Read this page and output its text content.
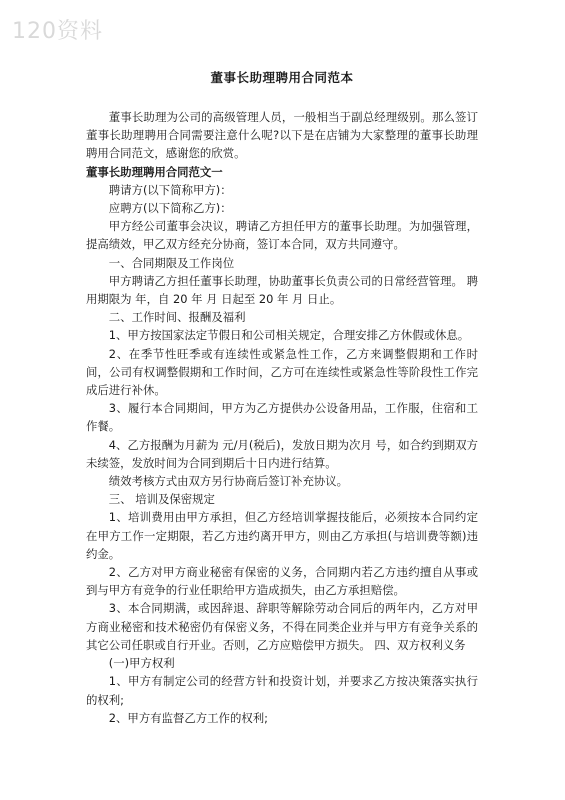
120资料
董事长助理聘用合同范本

董事长助理为公司的高级管理人员，一般相当于副总经理级别。那么签订董事长助理聘用合同需要注意什么呢?以下是在店铺为大家整理的董事长助理聘用合同范文，感谢您的欣赏。

董事长助理聘用合同范文一

聘请方(以下简称甲方)：

应聘方(以下简称乙方)：

甲方经公司董事会决议，聘请乙方担任甲方的董事长助理。为加强管理，提高绩效，甲乙双方经充分协商，签订本合同，双方共同遵守。

一、合同期限及工作岗位

甲方聘请乙方担任董事长助理，协助董事长负责公司的日常经营管理。 聘用期限为 年，自 20 年 月 日起至 20 年 月 日止。

二、工作时间、报酬及福利

1、甲方按国家法定节假日和公司相关规定，合理安排乙方休假或休息。

2、在季节性旺季或有连续性或紧急性工作，乙方来调整假期和工作时间，公司有权调整假期和工作时间，乙方可在连续性或紧急性等阶段性工作完成后进行补休。

3、履行本合同期间，甲方为乙方提供办公设备用品，工作服，住宿和工作餐。

4、乙方报酬为月薪为 元/月(税后)，发放日期为次月 号，如合约到期双方未续签，发放时间为合同到期后十日内进行结算。

绩效考核方式由双方另行协商后签订补充协议。

三、 培训及保密规定

1、培训费用由甲方承担，但乙方经培训掌握技能后，必须按本合同约定在甲方工作一定期限，若乙方违约离开甲方，则由乙方承担(与培训费等额)违约金。

2、乙方对甲方商业秘密有保密的义务，合同期内若乙方违约擅自从事或到与甲方有竞争的行业任职给甲方造成损失，由乙方承担赔偿。

3、本合同期满，或因辞退、辞职等解除劳动合同后的两年内，乙方对甲方商业秘密和技术秘密仍有保密义务，不得在同类企业并与甲方有竞争关系的其它公司任职或自行开业。否则，乙方应赔偿甲方损失。 四、双方权利义务

(一)甲方权利

1、甲方有制定公司的经营方针和投资计划，并要求乙方按决策落实执行的权利;

2、甲方有监督乙方工作的权利;
